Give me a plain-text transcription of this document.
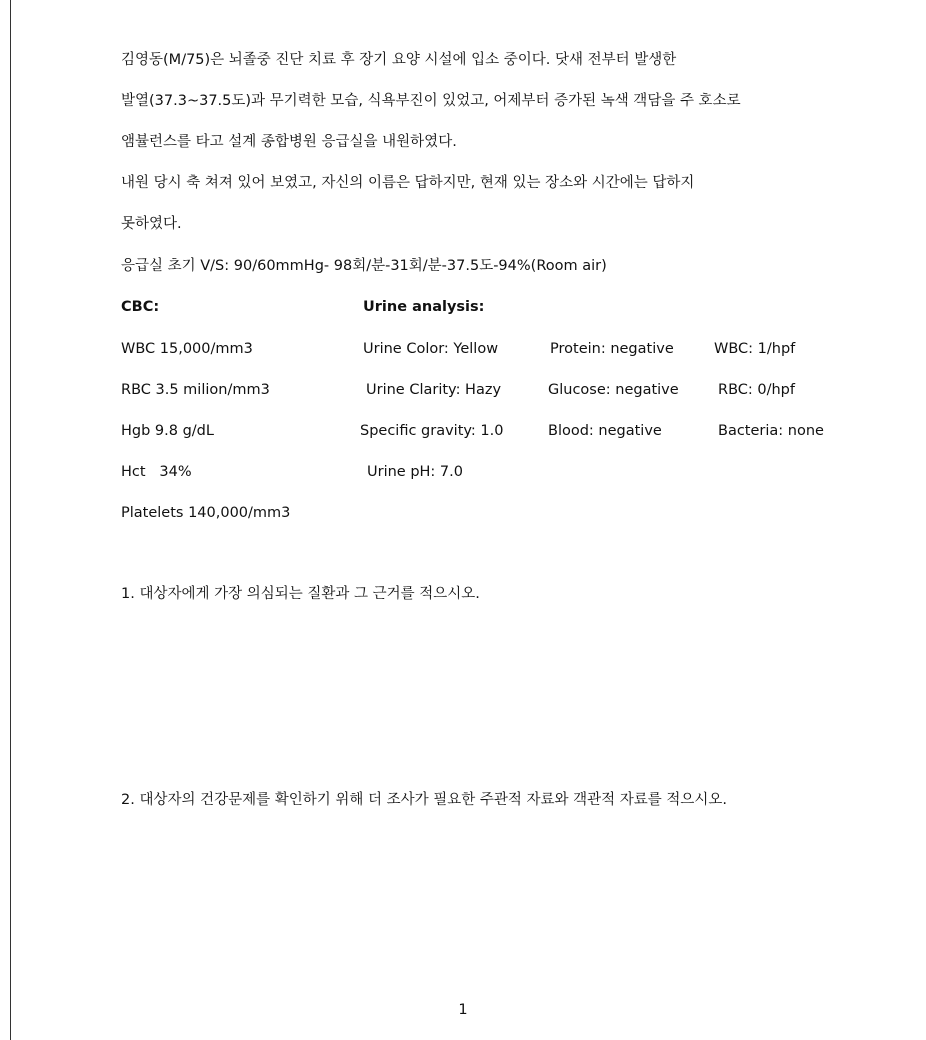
김영동(M/75)은 뇌졸중 진단 치료 후 장기 요양 시설에 입소 중이다. 닷새 전부터 발생한
발열(37.3~37.5도)과 무기력한 모습, 식욕부진이 있었고, 어제부터 증가된 녹색 객담을 주 호소로
앰뷸런스를 타고 설계 종합병원 응급실을 내원하였다.
내원 당시 축 쳐져 있어 보였고, 자신의 이름은 답하지만, 현재 있는 장소와 시간에는 답하지
못하였다.
응급실 초기 V/S: 90/60mmHg- 98회/분-31회/분-37.5도-94%(Room air)
CBC:
WBC 15,000/mm3
RBC 3.5 milion/mm3
Hgb 9.8 g/dL
Hct   34%
Platelets 140,000/mm3
Urine analysis:
Urine Color: Yellow
Urine Clarity: Hazy
Specific gravity: 1.0
Urine pH: 7.0
Protein: negative
Glucose: negative
Blood: negative
WBC: 1/hpf
RBC: 0/hpf
Bacteria: none
1. 대상자에게 가장 의심되는 질환과 그 근거를 적으시오.
2. 대상자의 건강문제를 확인하기 위해 더 조사가 필요한 주관적 자료와 객관적 자료를 적으시오.
1
